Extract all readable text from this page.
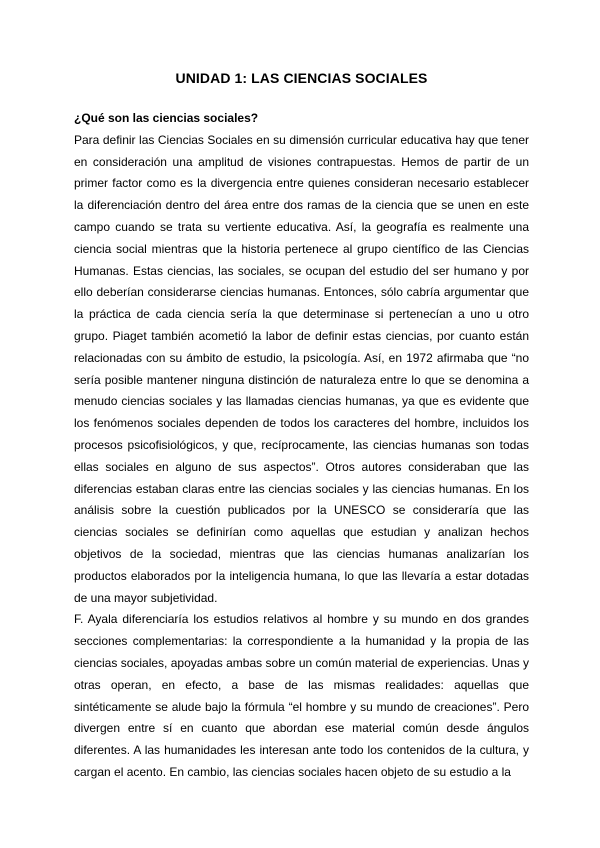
UNIDAD 1: LAS CIENCIAS SOCIALES
¿Qué son las ciencias sociales?

Para definir las Ciencias Sociales en su dimensión curricular educativa hay que tener en consideración una amplitud de visiones contrapuestas. Hemos de partir de un primer factor como es la divergencia entre quienes consideran necesario establecer la diferenciación dentro del área entre dos ramas de la ciencia que se unen en este campo cuando se trata su vertiente educativa. Así, la geografía es realmente una ciencia social mientras que la historia pertenece al grupo científico de las Ciencias Humanas. Estas ciencias, las sociales, se ocupan del estudio del ser humano y por ello deberían considerarse ciencias humanas. Entonces, sólo cabría argumentar que la práctica de cada ciencia sería la que determinase si pertenecían a uno u otro grupo. Piaget también acometió la labor de definir estas ciencias, por cuanto están relacionadas con su ámbito de estudio, la psicología. Así, en 1972 afirmaba que “no sería posible mantener ninguna distinción de naturaleza entre lo que se denomina a menudo ciencias sociales y las llamadas ciencias humanas, ya que es evidente que los fenómenos sociales dependen de todos los caracteres del hombre, incluidos los procesos psicofisiológicos, y que, recíprocamente, las ciencias humanas son todas ellas sociales en alguno de sus aspectos”. Otros autores consideraban que las diferencias estaban claras entre las ciencias sociales y las ciencias humanas. En los análisis sobre la cuestión publicados por la UNESCO se consideraría que las ciencias sociales se definirían como aquellas que estudian y analizan hechos objetivos de la sociedad, mientras que las ciencias humanas analizarían los productos elaborados por la inteligencia humana, lo que las llevaría a estar dotadas de una mayor subjetividad.

F. Ayala diferenciaría los estudios relativos al hombre y su mundo en dos grandes secciones complementarias: la correspondiente a la humanidad y la propia de las ciencias sociales, apoyadas ambas sobre un común material de experiencias. Unas y otras operan, en efecto, a base de las mismas realidades: aquellas que sintéticamente se alude bajo la fórmula “el hombre y su mundo de creaciones”. Pero divergen entre sí en cuanto que abordan ese material común desde ángulos diferentes. A las humanidades les interesan ante todo los contenidos de la cultura, y cargan el acento. En cambio, las ciencias sociales hacen objeto de su estudio a la
